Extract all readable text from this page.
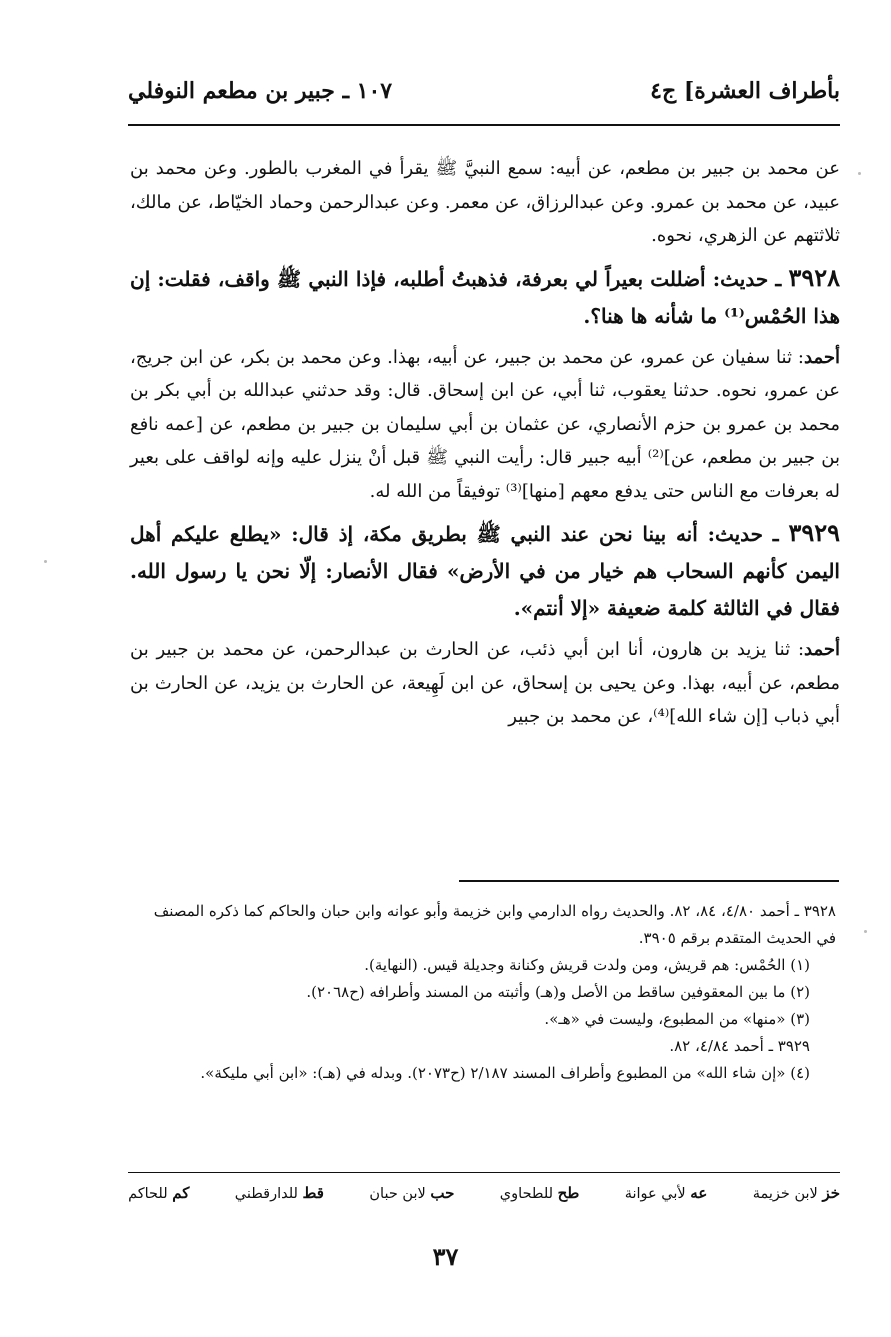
بأطراف العشرة] ج٤
١٠٧ ـ جبير بن مطعم النوفلي

عن محمد بن جبير بن مطعم، عن أبيه: سمع النبيَّ ﷺ يقرأ في المغرب بالطور. وعن محمد بن عبيد، عن محمد بن عمرو. وعن عبدالرزاق، عن معمر. وعن عبدالرحمن وحماد الخيّاط، عن مالك، ثلاثتهم عن الزهري، نحوه.

٣٩٢٨ ـ حديث: أضللت بعيراً لي بعرفة، فذهبتُ أطلبه، فإذا النبي ﷺ واقف، فقلت: إن هذا الحُمْس⁽¹⁾ ما شأنه ها هنا؟.

أحمد: ثنا سفيان عن عمرو، عن محمد بن جبير، عن أبيه، بهذا. وعن محمد بن بكر، عن ابن جريج، عن عمرو، نحوه. حدثنا يعقوب، ثنا أبي، عن ابن إسحاق. قال: وقد حدثني عبدالله بن أبي بكر بن محمد بن عمرو بن حزم الأنصاري، عن عثمان بن أبي سليمان بن جبير بن مطعم، عن [عمه نافع بن جبير بن مطعم، عن]⁽²⁾ أبيه جبير قال: رأيت النبي ﷺ قبل أنْ ينزل عليه وإنه لواقف على بعير له بعرفات مع الناس حتى يدفع معهم [منها]⁽³⁾ توفيقاً من الله له.

٣٩٢٩ ـ حديث: أنه بينا نحن عند النبي ﷺ بطريق مكة، إذ قال: «يطلع عليكم أهل اليمن كأنهم السحاب هم خيار من في الأرض» فقال الأنصار: إلّا نحن يا رسول الله. فقال في الثالثة كلمة ضعيفة «إلا أنتم».

أحمد: ثنا يزيد بن هارون، أنا ابن أبي ذئب، عن الحارث بن عبدالرحمن، عن محمد بن جبير بن مطعم، عن أبيه، بهذا. وعن يحيى بن إسحاق، عن ابن لَهِيعة، عن الحارث بن يزيد، عن الحارث بن أبي ذباب [إن شاء الله]⁽⁴⁾، عن محمد بن جبير

٣٩٢٨ ـ أحمد ٤/٨٠، ٨٤، ٨٢. والحديث رواه الدارمي وابن خزيمة وأبو عوانه وابن حبان والحاكم كما ذكره المصنف في الحديث المتقدم برقم ٣٩٠٥.

(١) الحُمْس: هم قريش، ومن ولدت قريش وكنانة وجديلة قيس. (النهاية).

(٢) ما بين المعقوفين ساقط من الأصل و(هـ) وأثبته من المسند وأطرافه (ح٢٠٦٨).

(٣) «منها» من المطبوع، وليست في «هـ».

٣٩٢٩ ـ أحمد ٤/٨٤، ٨٢.

(٤) «إن شاء الله» من المطبوع وأطراف المسند ٢/١٨٧ (ح٢٠٧٣). وبدله في (هـ): «ابن أبي مليكة».

خز لابن خزيمة
عه لأبي عوانة
طح للطحاوي
حب لابن حبان
قط للدارقطني
كم للحاكم
٣٧
